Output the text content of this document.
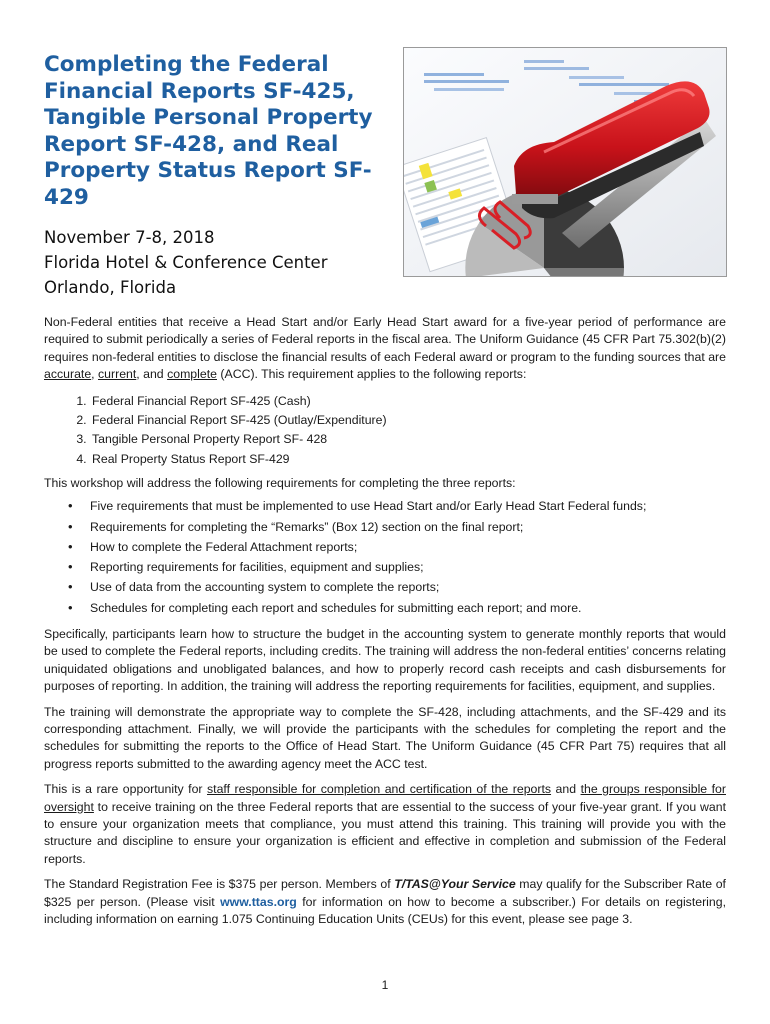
Completing the Federal
Financial Reports SF-425,
Tangible Personal Property
Report SF-428, and Real
Property Status Report SF-429
November 7-8, 2018
Florida Hotel & Conference Center
Orlando, Florida

Non-Federal entities that receive a Head Start and/or Early Head Start award for a five-year period of performance are required to submit periodically a series of Federal reports in the fiscal area. The Uniform Guidance (45 CFR Part 75.302(b)(2) requires non-federal entities to disclose the financial results of each Federal award or program to the funding sources that are accurate, current, and complete (ACC). This requirement applies to the following reports:

1. Federal Financial Report SF-425 (Cash)
2. Federal Financial Report SF-425 (Outlay/Expenditure)
3. Tangible Personal Property Report SF- 428
4. Real Property Status Report SF-429

This workshop will address the following requirements for completing the three reports:

• Five requirements that must be implemented to use Head Start and/or Early Head Start Federal funds;
• Requirements for completing the “Remarks” (Box 12) section on the final report;
• How to complete the Federal Attachment reports;
• Reporting requirements for facilities, equipment and supplies;
• Use of data from the accounting system to complete the reports;
• Schedules for completing each report and schedules for submitting each report; and more.

Specifically, participants learn how to structure the budget in the accounting system to generate monthly reports that would be used to complete the Federal reports, including credits. The training will address the non-federal entities’ concerns relating uniquidated obligations and unobligated balances, and how to properly record cash receipts and cash disbursements for purposes of reporting. In addition, the training will address the reporting requirements for facilities, equipment, and supplies.

The training will demonstrate the appropriate way to complete the SF-428, including attachments, and the SF-429 and its corresponding attachment. Finally, we will provide the participants with the schedules for completing the report and the schedules for submitting the reports to the Office of Head Start. The Uniform Guidance (45 CFR Part 75) requires that all progress reports submitted to the awarding agency meet the ACC test.

This is a rare opportunity for staff responsible for completion and certification of the reports and the groups responsible for oversight to receive training on the three Federal reports that are essential to the success of your five-year grant. If you want to ensure your organization meets that compliance, you must attend this training. This training will provide you with the structure and discipline to ensure your organization is efficient and effective in completion and submission of the Federal reports.

The Standard Registration Fee is $375 per person. Members of T/TAS@Your Service may qualify for the Subscriber Rate of $325 per person. (Please visit www.ttas.org for information on how to become a subscriber.) For details on registering, including information on earning 1.075 Continuing Education Units (CEUs) for this event, please see page 3.

1
